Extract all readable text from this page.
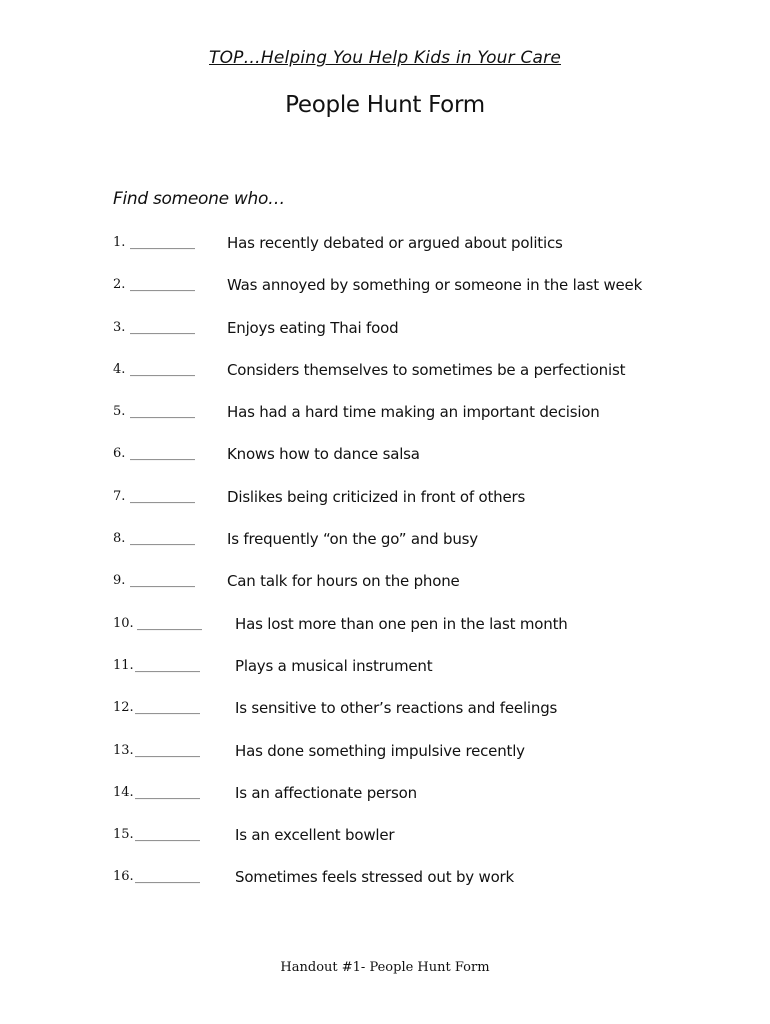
TOP…Helping You Help Kids in Your Care
People Hunt Form
Find someone who…
1. __________ Has recently debated or argued about politics
2. __________ Was annoyed by something or someone in the last week
3. __________ Enjoys eating Thai food
4. __________ Considers themselves to sometimes be a perfectionist
5. __________ Has had a hard time making an important decision
6. __________ Knows how to dance salsa
7. __________ Dislikes being criticized in front of others
8. __________ Is frequently “on the go” and busy
9. __________ Can talk for hours on the phone
10. __________ Has lost more than one pen in the last month
11. __________ Plays a musical instrument
12. __________ Is sensitive to other’s reactions and feelings
13. __________ Has done something impulsive recently
14. __________ Is an affectionate person
15. __________ Is an excellent bowler
16. __________ Sometimes feels stressed out by work
Handout #1- People Hunt Form
